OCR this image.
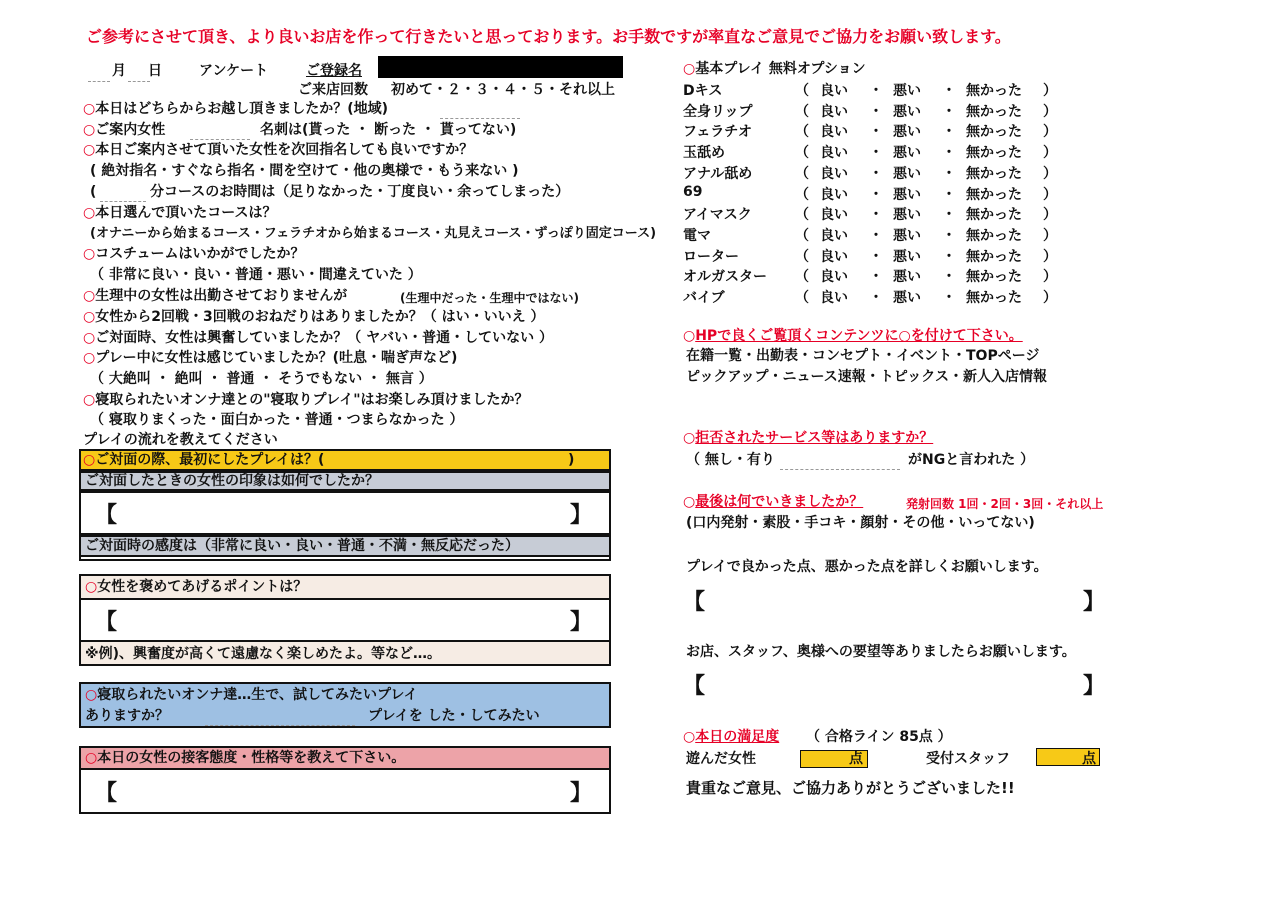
ご参考にさせて頂き、より良いお店を作って行きたいと思っております。お手数ですが率直なご意見でご協力をお願い致します。
月 日	アンケート	ご登録名
ご来店回数 初めて・２・３・４・５・それ以上
○本日はどちらからお越し頂きましたか？(地域)
○ご案内女性	名刺は(貰った ・ 断った ・ 貰ってない)
○本日ご案内させて頂いた女性を次回指名しても良いですか？
( 絶対指名・すぐなら指名・間を空けて・他の奥様で・もう来ない )
(	分コースのお時間は（足りなかった・丁度良い・余ってしまった）
○本日選んで頂いたコースは？
(オナニーから始まるコース・フェラチオから始まるコース・丸見えコース・ずっぽり固定コース)
○コスチュームはいかがでしたか？
（ 非常に良い・良い・普通・悪い・間違えていた ）
○生理中の女性は出勤させておりませんが	(生理中だった・生理中ではない)
○女性から2回戦・3回戦のおねだりはありましたか？（ はい・いいえ ）
○ご対面時、女性は興奮していましたか？（ ヤバい・普通・していない ）
○プレー中に女性は感じていましたか？(吐息・喘ぎ声など)
（ 大絶叫 ・ 絶叫 ・ 普通 ・ そうでもない ・ 無言 ）
○寝取られたいオンナ達との"寝取りプレイ"はお楽しみ頂けましたか？
（ 寝取りまくった・面白かった・普通・つまらなかった ）
プレイの流れを教えてください
○ご対面の際、最初にしたプレイは？(	)
ご対面したときの女性の印象は如何でしたか？
【	】
ご対面時の感度は（非常に良い・良い・普通・不満・無反応だった）
○女性を褒めてあげるポイントは？
【	】
※例)、興奮度が高くて遠慮なく楽しめたよ。等など…。
○寝取られたいオンナ達…生で、試してみたいプレイ
ありますか？	プレイを した・してみたい
○本日の女性の接客態度・性格等を教えて下さい。
【	】
○基本プレイ 無料オプション
Dキス	（ 良い ・ 悪い ・ 無かった ）
全身リップ	（ 良い ・ 悪い ・ 無かった ）
フェラチオ	（ 良い ・ 悪い ・ 無かった ）
玉舐め	（ 良い ・ 悪い ・ 無かった ）
アナル舐め	（ 良い ・ 悪い ・ 無かった ）
69	（ 良い ・ 悪い ・ 無かった ）
アイマスク	（ 良い ・ 悪い ・ 無かった ）
電マ	（ 良い ・ 悪い ・ 無かった ）
ローター	（ 良い ・ 悪い ・ 無かった ）
オルガスター （ 良い ・ 悪い ・ 無かった ）
バイブ	（ 良い ・ 悪い ・ 無かった ）
○HPで良くご覧頂くコンテンツに○を付けて下さい。
在籍一覧・出勤表・コンセプト・イベント・TOPページ
ピックアップ・ニュース速報・トピックス・新人入店情報
○拒否されたサービス等はありますか？
（ 無し・有り	がNGと言われた ）
○最後は何でいきましたか？	発射回数 1回・2回・3回・それ以上
(口内発射・素股・手コキ・顔射・その他・いってない)
プレイで良かった点、悪かった点を詳しくお願いします。
【	】
お店、スタッフ、奥様への要望等ありましたらお願いします。
【	】
○本日の満足度 （ 合格ライン 85点 ）
遊んだ女性	点	受付スタッフ	点
貴重なご意見、ご協力ありがとうございました!!
